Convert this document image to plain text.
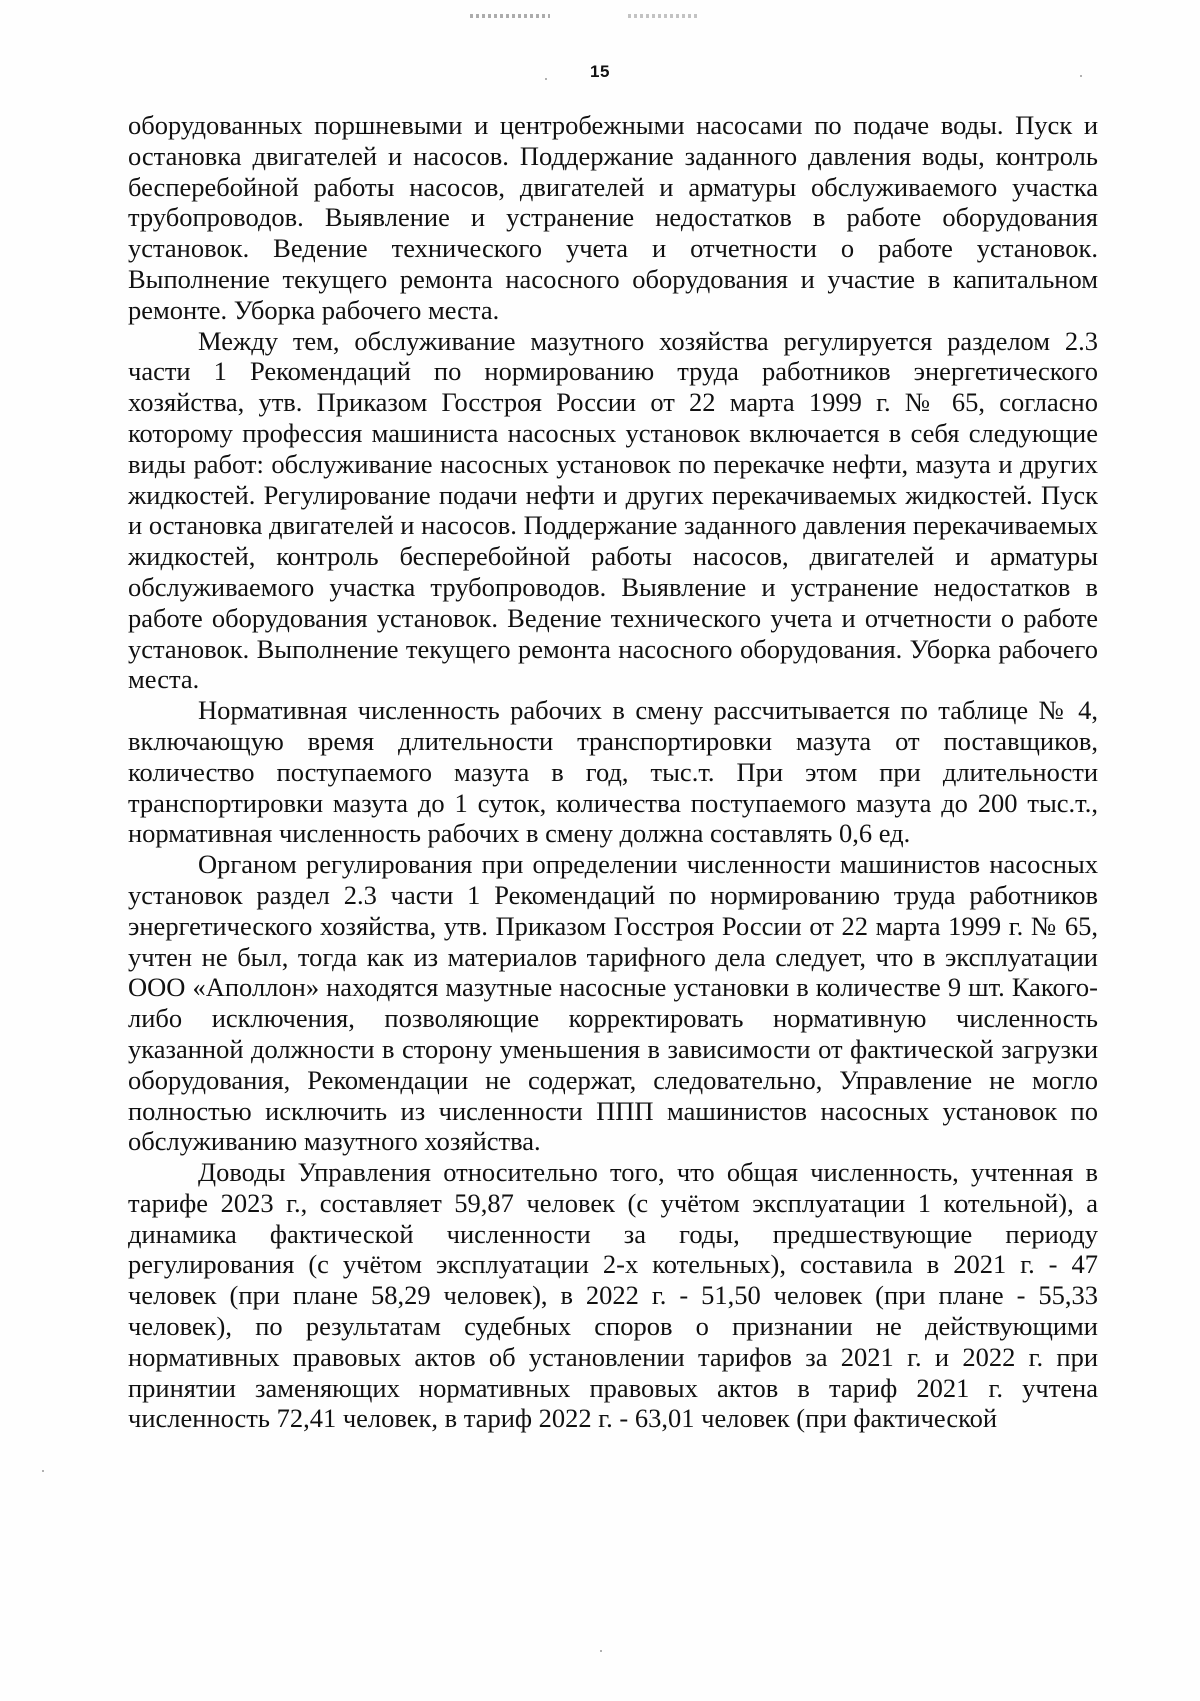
15

оборудованных поршневыми и центробежными насосами по подаче воды. Пуск и остановка двигателей и насосов. Поддержание заданного давления воды, контроль бесперебойной работы насосов, двигателей и арматуры обслуживаемого участка трубопроводов. Выявление и устранение недостатков в работе оборудования установок. Ведение технического учета и отчетности о работе установок. Выполнение текущего ремонта насосного оборудования и участие в капитальном ремонте. Уборка рабочего места.

Между тем, обслуживание мазутного хозяйства регулируется разделом 2.3 части 1 Рекомендаций по нормированию труда работников энергетического хозяйства, утв. Приказом Госстроя России от 22 марта 1999 г. № 65, согласно которому профессия машиниста насосных установок включается в себя следующие виды работ: обслуживание насосных установок по перекачке нефти, мазута и других жидкостей. Регулирование подачи нефти и других перекачиваемых жидкостей. Пуск и остановка двигателей и насосов. Поддержание заданного давления перекачиваемых жидкостей, контроль бесперебойной работы насосов, двигателей и арматуры обслуживаемого участка трубопроводов. Выявление и устранение недостатков в работе оборудования установок. Ведение технического учета и отчетности о работе установок. Выполнение текущего ремонта насосного оборудования. Уборка рабочего места.

Нормативная численность рабочих в смену рассчитывается по таблице № 4, включающую время длительности транспортировки мазута от поставщиков, количество поступаемого мазута в год, тыс.т. При этом при длительности транспортировки мазута до 1 суток, количества поступаемого мазута до 200 тыс.т., нормативная численность рабочих в смену должна составлять 0,6 ед.

Органом регулирования при определении численности машинистов насосных установок раздел 2.3 части 1 Рекомендаций по нормированию труда работников энергетического хозяйства, утв. Приказом Госстроя России от 22 марта 1999 г. № 65, учтен не был, тогда как из материалов тарифного дела следует, что в эксплуатации ООО «Аполлон» находятся мазутные насосные установки в количестве 9 шт. Какого-либо исключения, позволяющие корректировать нормативную численность указанной должности в сторону уменьшения в зависимости от фактической загрузки оборудования, Рекомендации не содержат, следовательно, Управление не могло полностью исключить из численности ППП машинистов насосных установок по обслуживанию мазутного хозяйства.

Доводы Управления относительно того, что общая численность, учтенная в тарифе 2023 г., составляет 59,87 человек (с учётом эксплуатации 1 котельной), а динамика фактической численности за годы, предшествующие периоду регулирования (с учётом эксплуатации 2-х котельных), составила в 2021 г. - 47 человек (при плане 58,29 человек), в 2022 г. - 51,50 человек (при плане - 55,33 человек), по результатам судебных споров о признании не действующими нормативных правовых актов об установлении тарифов за 2021 г. и 2022 г. при принятии заменяющих нормативных правовых актов в тариф 2021 г. учтена численность 72,41 человек, в тариф 2022 г. - 63,01 человек (при фактической
